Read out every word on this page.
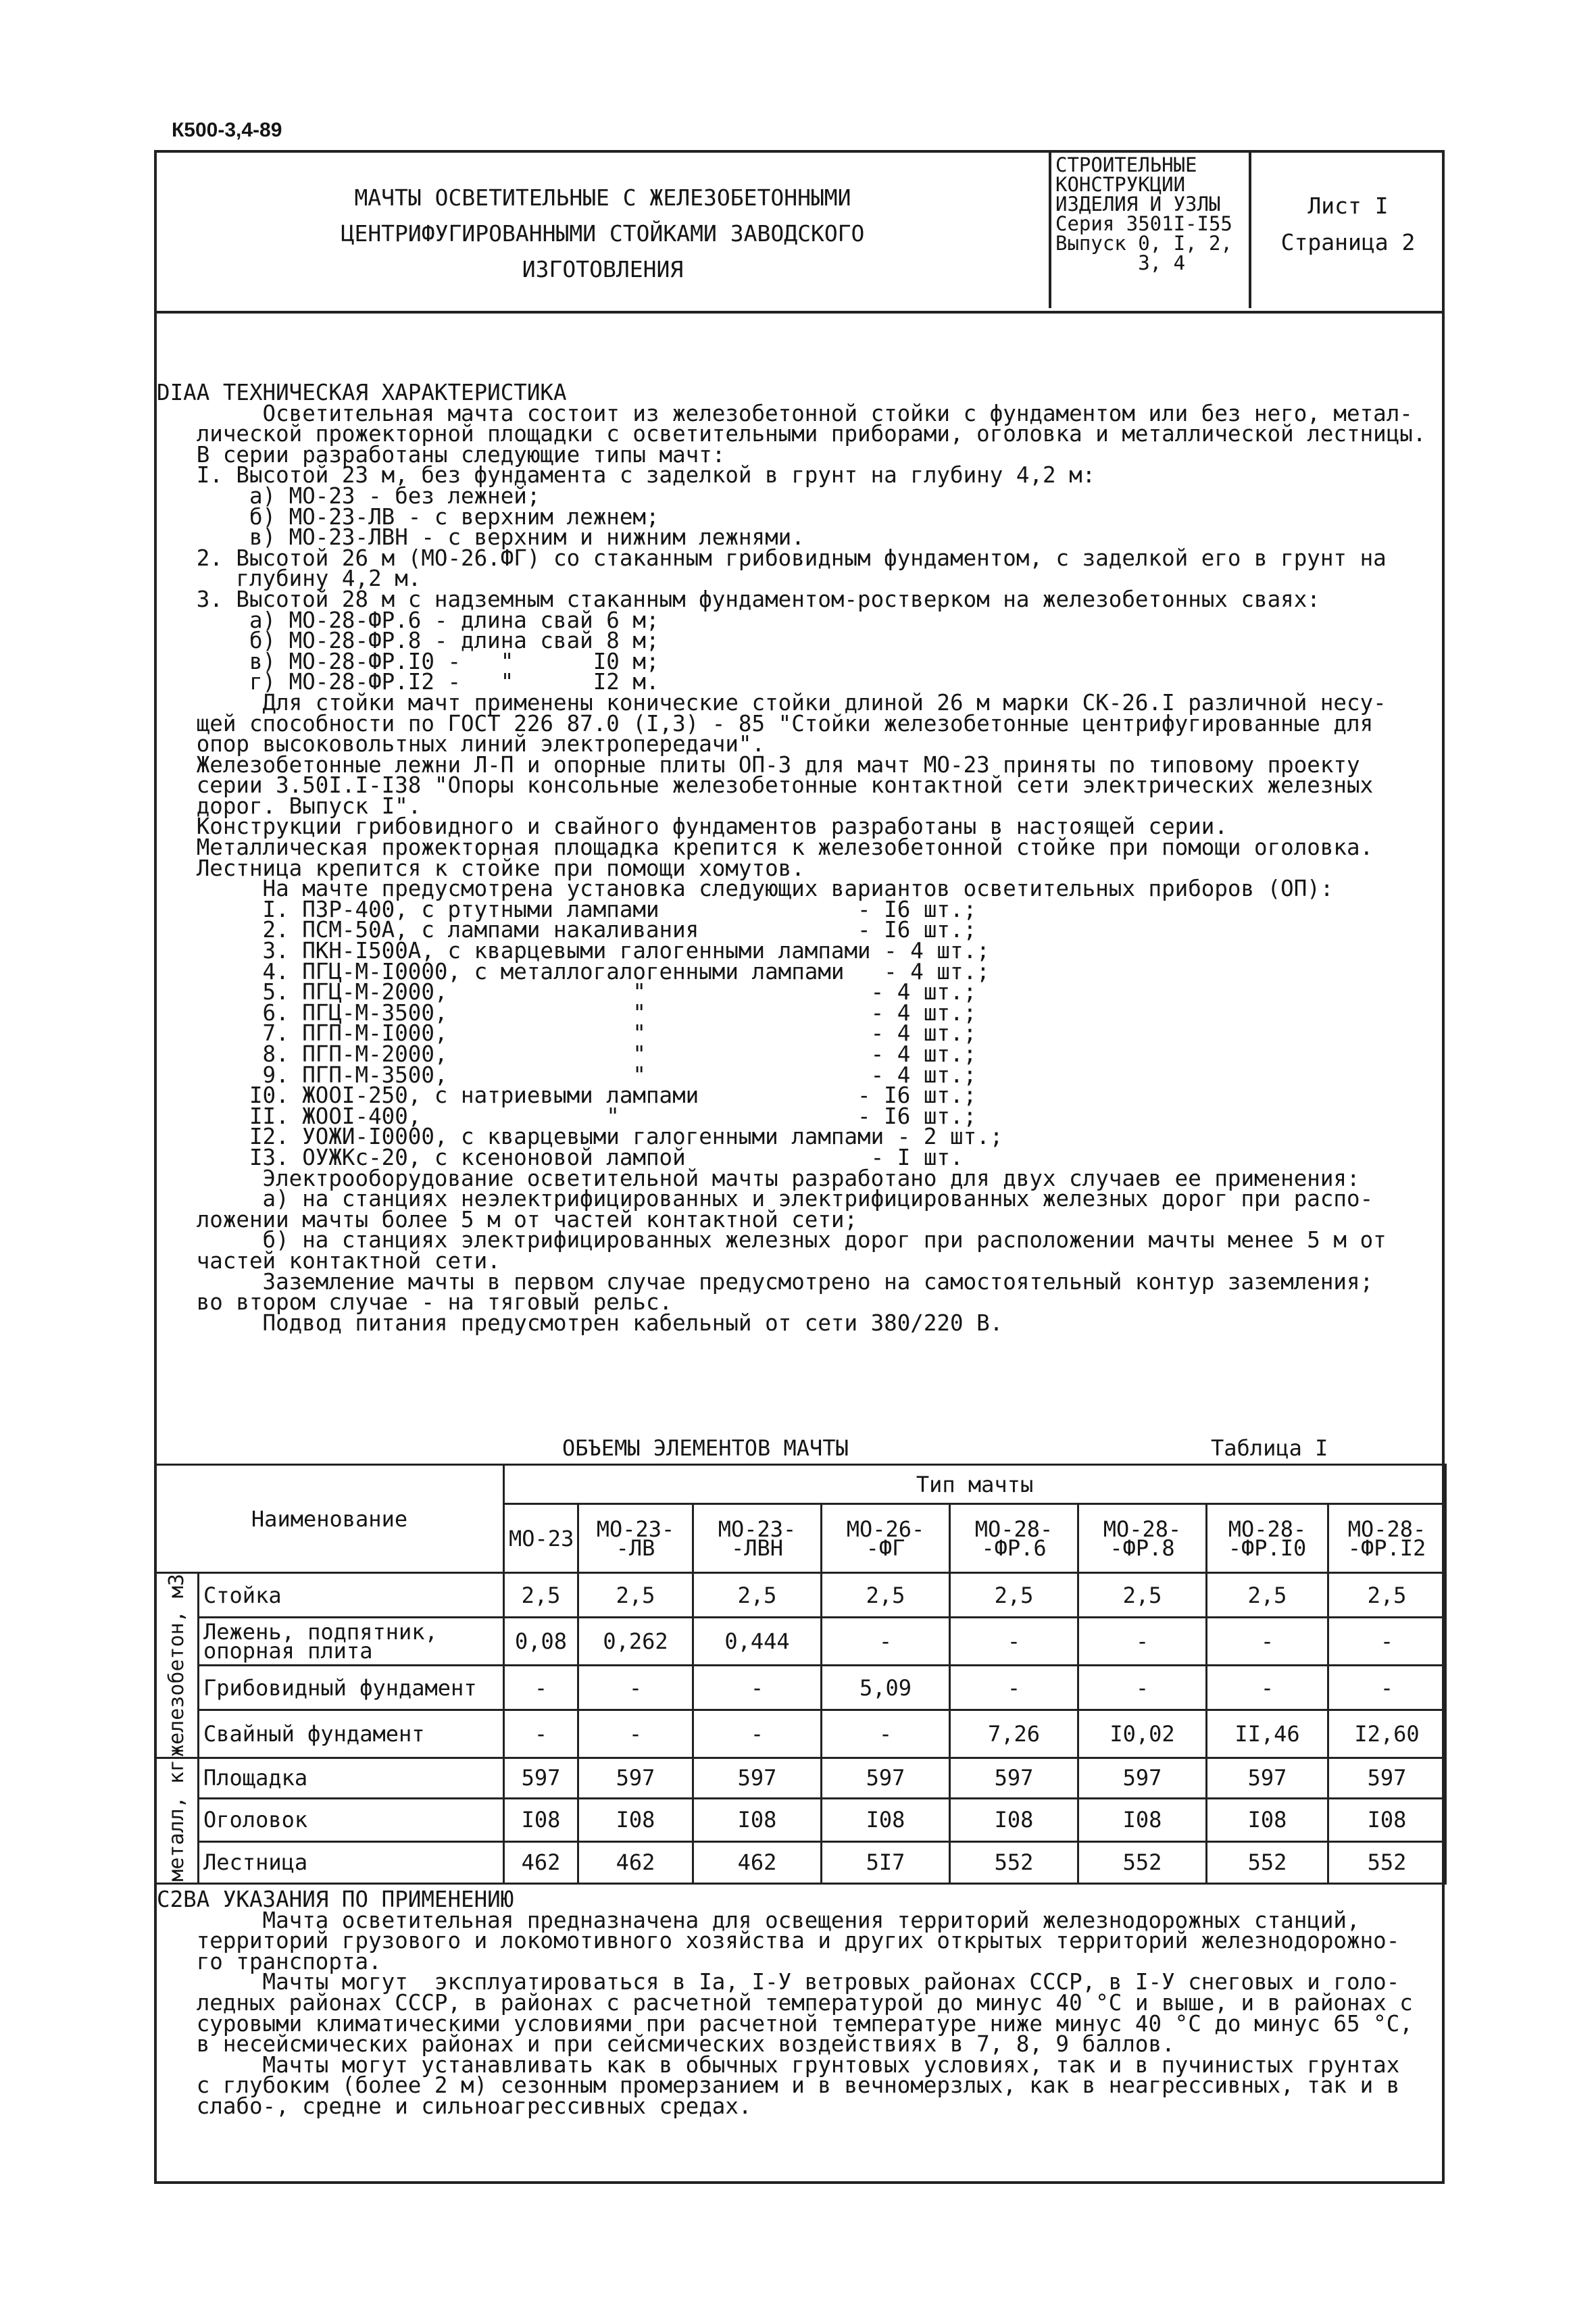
К500-3,4-89
МАЧТЫ ОСВЕТИТЕЛЬНЫЕ С ЖЕЛЕЗОБЕТОННЫМИ
ЦЕНТРИФУГИРОВАННЫМИ СТОЙКАМИ ЗАВОДСКОГО
ИЗГОТОВЛЕНИЯ
СТРОИТЕЛЬНЫЕ
КОНСТРУКЦИИ
ИЗДЕЛИЯ И УЗЛЫ
Серия 3501I-I55
Выпуск 0, I, 2,
3, 4
Лист I
Страница 2
DIАА ТЕХНИЧЕСКАЯ ХАРАКТЕРИСТИКА
Осветительная мачта состоит из железобетонной стойки с фундаментом или без него, метал-
лической прожекторной площадки с осветительными приборами, оголовка и металлической лестницы.
В серии разработаны следующие типы мачт:
I. Высотой 23 м, без фундамента с заделкой в грунт на глубину 4,2 м:
а) МО-23 - без лежней;
б) МО-23-ЛВ - с верхним лежнем;
в) МО-23-ЛВН - с верхним и нижним лежнями.
2. Высотой 26 м (МО-26.ФГ) со стаканным грибовидным фундаментом, с заделкой его в грунт на
глубину 4,2 м.
3. Высотой 28 м с надземным стаканным фундаментом-ростверком на железобетонных сваях:
а) МО-28-ФР.6 - длина свай 6 м;
б) МО-28-ФР.8 - длина свай 8 м;
в) МО-28-ФР.I0 -   "      I0 м;
г) МО-28-ФР.I2 -   "      I2 м.
Для стойки мачт применены конические стойки длиной 26 м марки СК-26.I различной несу-
щей способности по ГОСТ 226 87.0 (I,3) - 85 "Стойки железобетонные центрифугированные для
опор высоковольтных линий электропередачи".
Железобетонные лежни Л-П и опорные плиты ОП-3 для мачт МО-23 приняты по типовому проекту
серии 3.50I.I-I38 "Опоры консольные железобетонные контактной сети электрических железных
дорог. Выпуск I".
Конструкции грибовидного и свайного фундаментов разработаны в настоящей серии.
Металлическая прожекторная площадка крепится к железобетонной стойке при помощи оголовка.
Лестница крепится к стойке при помощи хомутов.
На мачте предусмотрена установка следующих вариантов осветительных приборов (ОП):
I. ПЗР-400, с ртутными лампами               - I6 шт.;
2. ПСМ-50А, с лампами накаливания            - I6 шт.;
3. ПКН-I500А, с кварцевыми галогенными лампами - 4 шт.;
4. ПГЦ-М-I0000, с металлогалогенными лампами   - 4 шт.;
5. ПГЦ-М-2000,              "                 - 4 шт.;
6. ПГЦ-М-3500,              "                 - 4 шт.;
7. ПГП-М-I000,              "                 - 4 шт.;
8. ПГП-М-2000,              "                 - 4 шт.;
9. ПГП-М-3500,              "                 - 4 шт.;
I0. ЖООI-250, с натриевыми лампами            - I6 шт.;
II. ЖООI-400,              "                  - I6 шт.;
I2. УОЖИ-I0000, с кварцевыми галогенными лампами - 2 шт.;
I3. ОУЖКс-20, с ксеноновой лампой              - I шт.
Электрооборудование осветительной мачты разработано для двух случаев ее применения:
а) на станциях неэлектрифицированных и электрифицированных железных дорог при распо-
ложении мачты более 5 м от частей контактной сети;
б) на станциях электрифицированных железных дорог при расположении мачты менее 5 м от
частей контактной сети.
Заземление мачты в первом случае предусмотрено на самостоятельный контур заземления;
во втором случае - на тяговый рельс.
Подвод питания предусмотрен кабельный от сети 380/220 В.
ОБЪЕМЫ ЭЛЕМЕНТОВ МАЧТЫ	Таблица I
Наименование		Тип мачты							
		МО-23	МО-23-
-ЛВ	МО-23-
-ЛВН	МО-26-
-ФГ	МО-28-
-ФР.6	МО-28-
-ФР.8	МО-28-
-ФР.I0	МО-28-
-ФР.I2

железобетон, м3	Стойка	2,5	2,5	2,5	2,5	2,5	2,5	2,5	2,5
	Лежень, подпятник,
опорная плита	0,08	0,262	0,444	-	-	-	-	-
	Грибовидный фундамент	-	-	-	5,09	-	-	-	-
	Свайный фундамент	-	-	-	-	7,26	I0,02	II,46	I2,60

металл, кг	Площадка	597	597	597	597	597	597	597	597
	Оголовок	I08	I08	I08	I08	I08	I08	I08	I08
	Лестница	462	462	462	5I7	552	552	552	552
C2ВА УКАЗАНИЯ ПО ПРИМЕНЕНИЮ
Мачта осветительная предназначена для освещения территорий железнодорожных станций,
территорий грузового и локомотивного хозяйства и других открытых территорий железнодорожно-
го транспорта.
Мачты могут  эксплуатироваться в Iа, I-У ветровых районах СССР, в I-У снеговых и голо-
ледных районах СССР, в районах с расчетной температурой до минус 40 °С и выше, и в районах с
суровыми климатическими условиями при расчетной температуре ниже минус 40 °С до минус 65 °С,
в несейсмических районах и при сейсмических воздействиях в 7, 8, 9 баллов.
Мачты могут устанавливать как в обычных грунтовых условиях, так и в пучинистых грунтах
с глубоким (более 2 м) сезонным промерзанием и в вечномерзлых, как в неагрессивных, так и в
слабо-, средне и сильноагрессивных средах.
